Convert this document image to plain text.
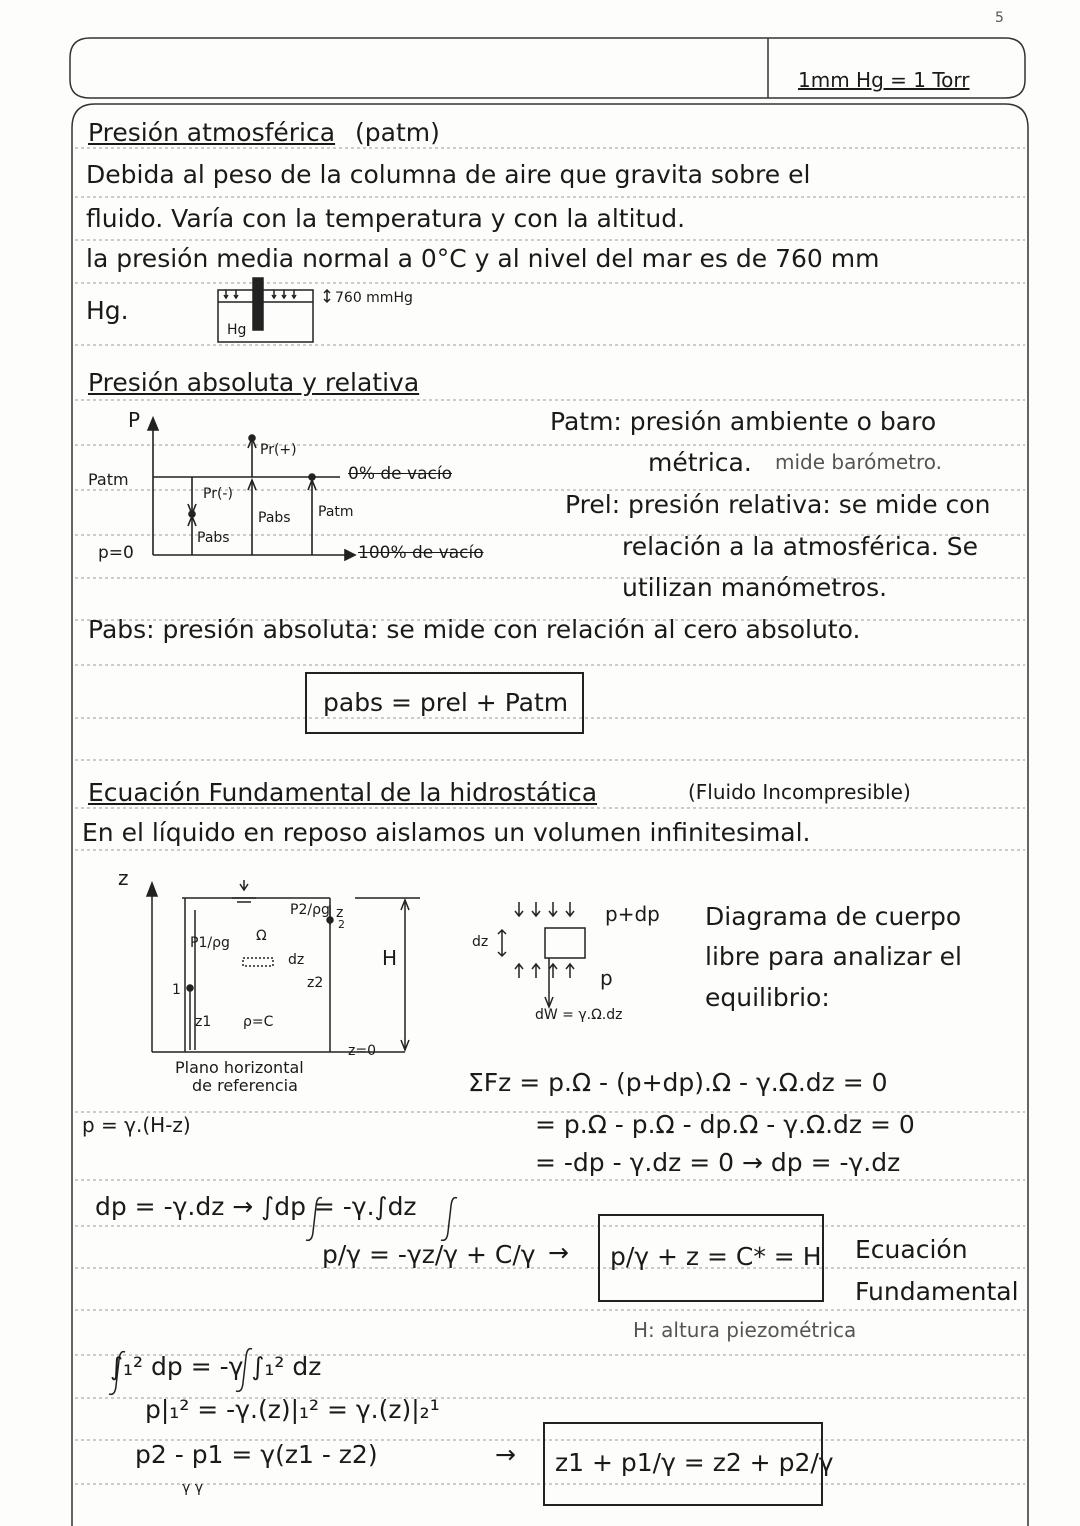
5
1mm Hg = 1 Torr
Presión atmosférica (patm)
Debida al peso de la columna de aire que gravita sobre el
fluido. Varía con la temperatura y con la altitud.
la presión media normal a 0°C y al nivel del mar es de 760 mm
Hg.
Hg
760 mmHg
Presión absoluta y relativa
P
Patm
p=0
Pr(+)
Pr(-)
Pabs
Pabs Patm
0% de vacío
100% de vacío
Patm: presión ambiente o baro
métrica. mide barómetro.
Prel: presión relativa: se mide con
relación a la atmosférica. Se
utilizan manómetros.
Pabs: presión absoluta: se mide con relación al cero absoluto.
pabs = prel + Patm
Ecuación Fundamental de la hidrostática	(Fluido Incompresible)
En el líquido en reposo aislamos un volumen infinitesimal.
z
P2/ρg
P1/ρg Ω
dz
z2
z1
z
H
ρ=C
1
2
z=0
Plano horizontal
de referencia
p+dp
p
dz
dW = γ.Ω.dz
Diagrama de cuerpo
libre para analizar el
equilibrio:
p = γ.(H-z)
ΣFz = p.Ω - (p+dp).Ω - γ.Ω.dz = 0
= p.Ω - p.Ω - dp.Ω - γ.Ω.dz = 0
= -dp - γ.dz = 0 → dp = -γ.dz
dp = -γ.dz → ∫dp = -γ.∫dz
p/γ = -γz/γ + C/γ → p/γ + z = C* = H Ecuación
Fundamental
H: altura piezométrica
∫₁² dp = -γ ∫₁² dz
p|₁² = -γ.(z)|₁² = γ.(z)|₂¹
p2 - p1 = γ(z1 - z2)
γ γ
→ z1 + p1/γ = z2 + p2/γ
